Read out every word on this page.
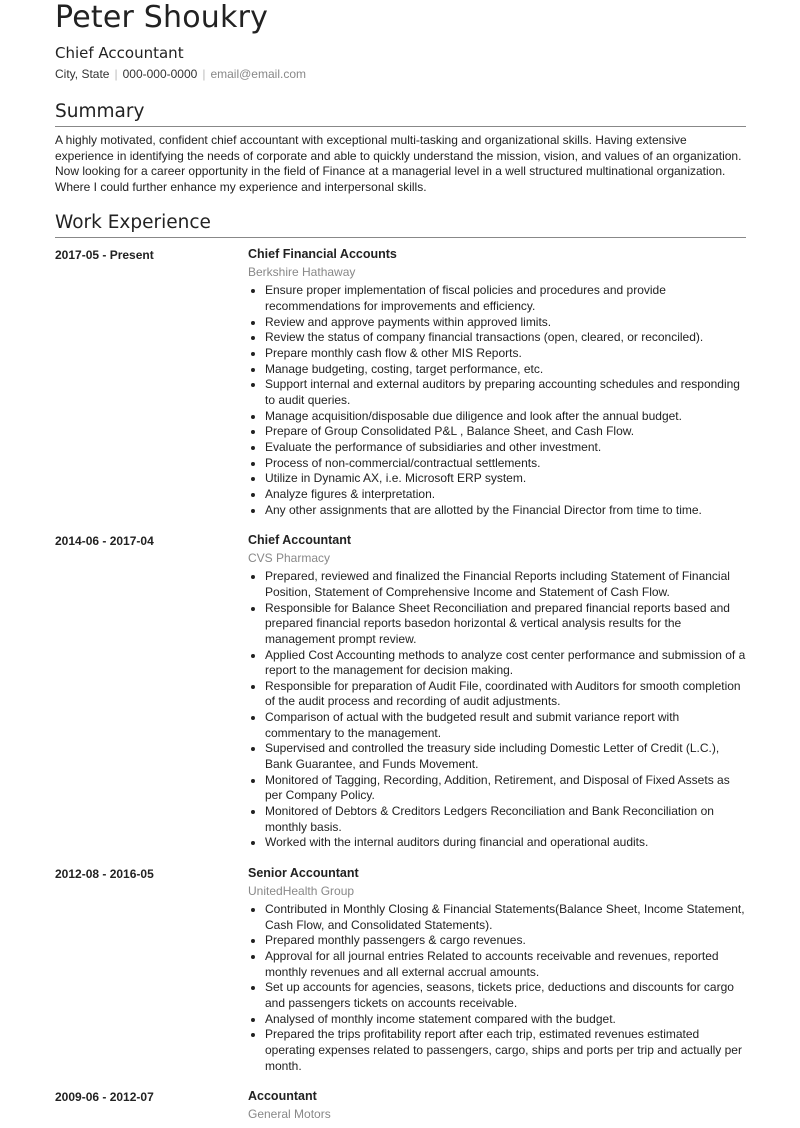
Peter Shoukry
Chief Accountant
City, State | 000-000-0000 | email@email.com
Summary
A highly motivated, confident chief accountant with exceptional multi-tasking and organizational skills. Having extensive experience in identifying the needs of corporate and able to quickly understand the mission, vision, and values of an organization. Now looking for a career opportunity in the field of Finance at a managerial level in a well structured multinational organization. Where I could further enhance my experience and interpersonal skills.
Work Experience
2017-05 - Present	Chief Financial Accounts
Berkshire Hathaway
• Ensure proper implementation of fiscal policies and procedures and provide recommendations for improvements and efficiency.
• Review and approve payments within approved limits.
• Review the status of company financial transactions (open, cleared, or reconciled).
• Prepare monthly cash flow & other MIS Reports.
• Manage budgeting, costing, target performance, etc.
• Support internal and external auditors by preparing accounting schedules and responding to audit queries.
• Manage acquisition/disposable due diligence and look after the annual budget.
• Prepare of Group Consolidated P&L , Balance Sheet, and Cash Flow.
• Evaluate the performance of subsidiaries and other investment.
• Process of non-commercial/contractual settlements.
• Utilize in Dynamic AX, i.e. Microsoft ERP system.
• Analyze figures & interpretation.
• Any other assignments that are allotted by the Financial Director from time to time.
2014-06 - 2017-04	Chief Accountant
CVS Pharmacy
• Prepared, reviewed and finalized the Financial Reports including Statement of Financial Position, Statement of Comprehensive Income and Statement of Cash Flow.
• Responsible for Balance Sheet Reconciliation and prepared financial reports based and prepared financial reports basedon horizontal & vertical analysis results for the management prompt review.
• Applied Cost Accounting methods to analyze cost center performance and submission of a report to the management for decision making.
• Responsible for preparation of Audit File, coordinated with Auditors for smooth completion of the audit process and recording of audit adjustments.
• Comparison of actual with the budgeted result and submit variance report with commentary to the management.
• Supervised and controlled the treasury side including Domestic Letter of Credit (L.C.), Bank Guarantee, and Funds Movement.
• Monitored of Tagging, Recording, Addition, Retirement, and Disposal of Fixed Assets as per Company Policy.
• Monitored of Debtors & Creditors Ledgers Reconciliation and Bank Reconciliation on monthly basis.
• Worked with the internal auditors during financial and operational audits.
2012-08 - 2016-05	Senior Accountant
UnitedHealth Group
• Contributed in Monthly Closing & Financial Statements(Balance Sheet, Income Statement, Cash Flow, and Consolidated Statements).
• Prepared monthly passengers & cargo revenues.
• Approval for all journal entries Related to accounts receivable and revenues, reported monthly revenues and all external accrual amounts.
• Set up accounts for agencies, seasons, tickets price, deductions and discounts for cargo and passengers tickets on accounts receivable.
• Analysed of monthly income statement compared with the budget.
• Prepared the trips profitability report after each trip, estimated revenues estimated operating expenses related to passengers, cargo, ships and ports per trip and actually per month.
2009-06 - 2012-07	Accountant
General Motors
